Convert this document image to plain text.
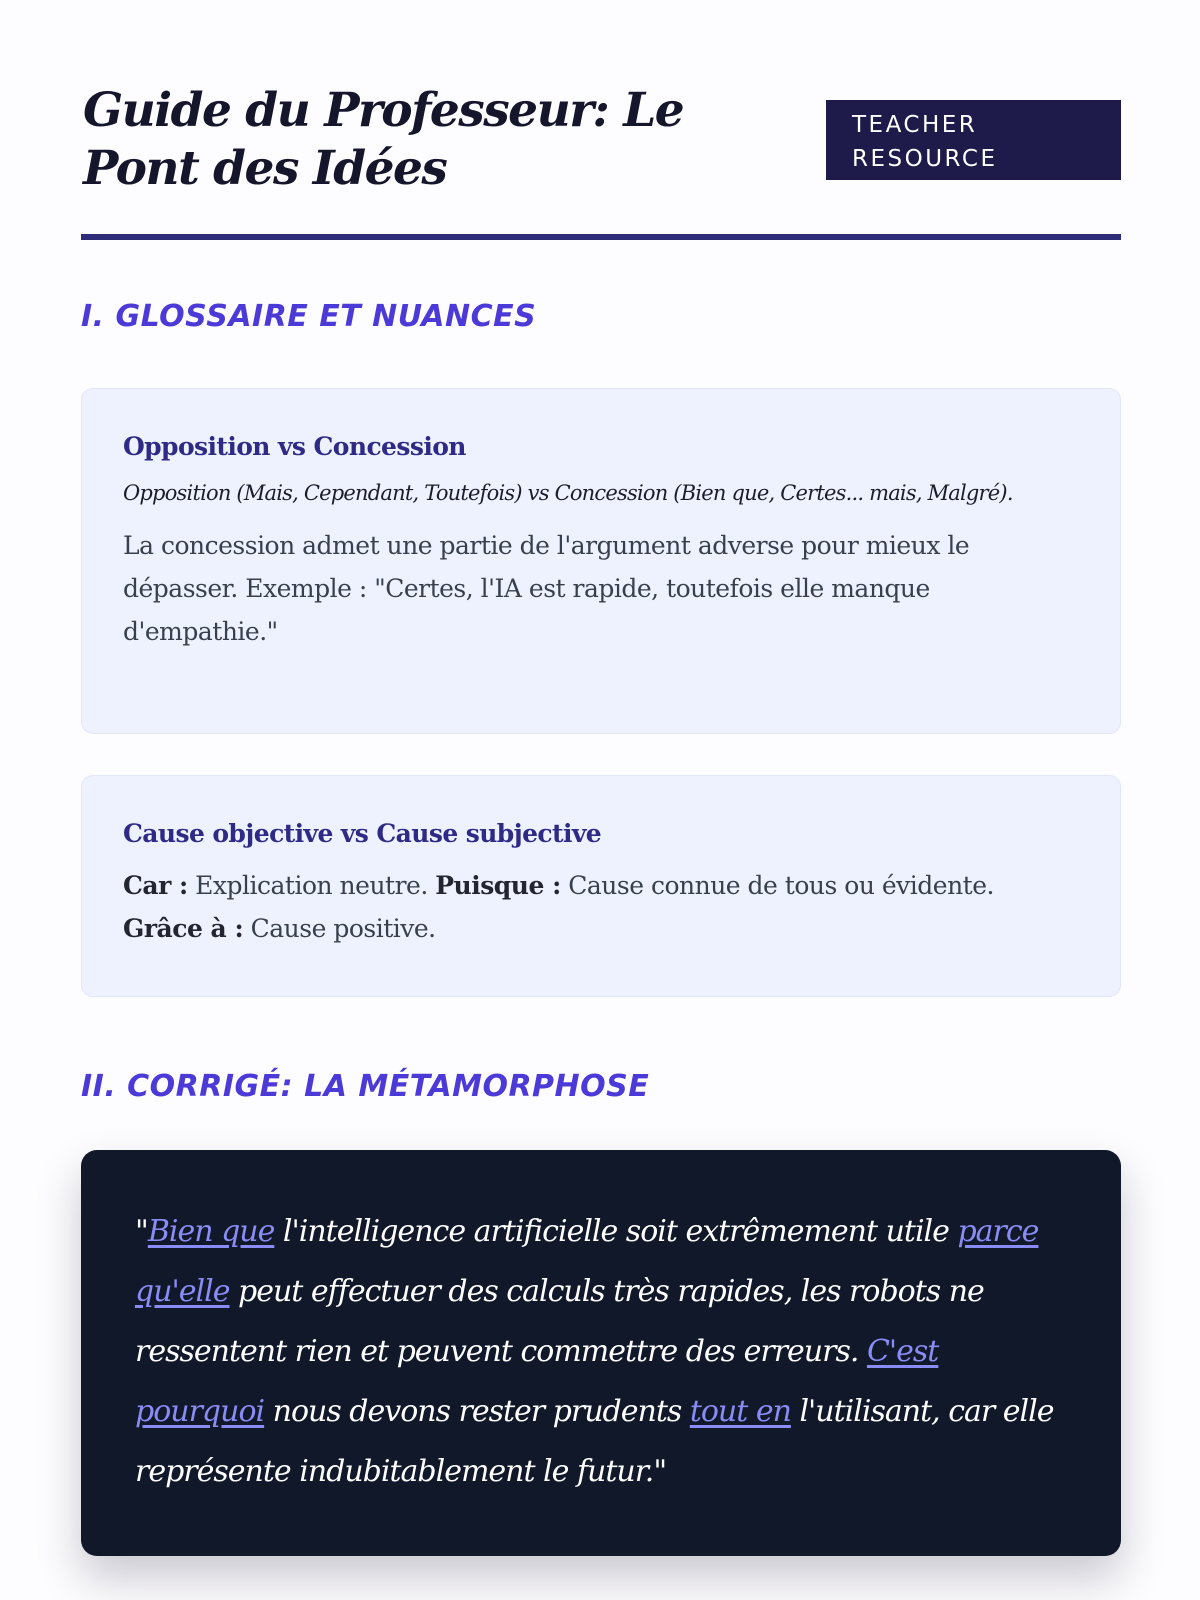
Guide du Professeur: Le Pont des Idées
TEACHER RESOURCE
I. GLOSSAIRE ET NUANCES
Opposition vs Concession

Opposition (Mais, Cependant, Toutefois) vs Concession (Bien que, Certes... mais, Malgré).

La concession admet une partie de l'argument adverse pour mieux le dépasser. Exemple : "Certes, l'IA est rapide, toutefois elle manque d'empathie."

Cause objective vs Cause subjective

Car : Explication neutre. Puisque : Cause connue de tous ou évidente. Grâce à : Cause positive.

II. CORRIGÉ: LA MÉTAMORPHOSE

"Bien que l'intelligence artificielle soit extrêmement utile parce qu'elle peut effectuer des calculs très rapides, les robots ne ressentent rien et peuvent commettre des erreurs. C'est pourquoi nous devons rester prudents tout en l'utilisant, car elle représente indubitablement le futur."
